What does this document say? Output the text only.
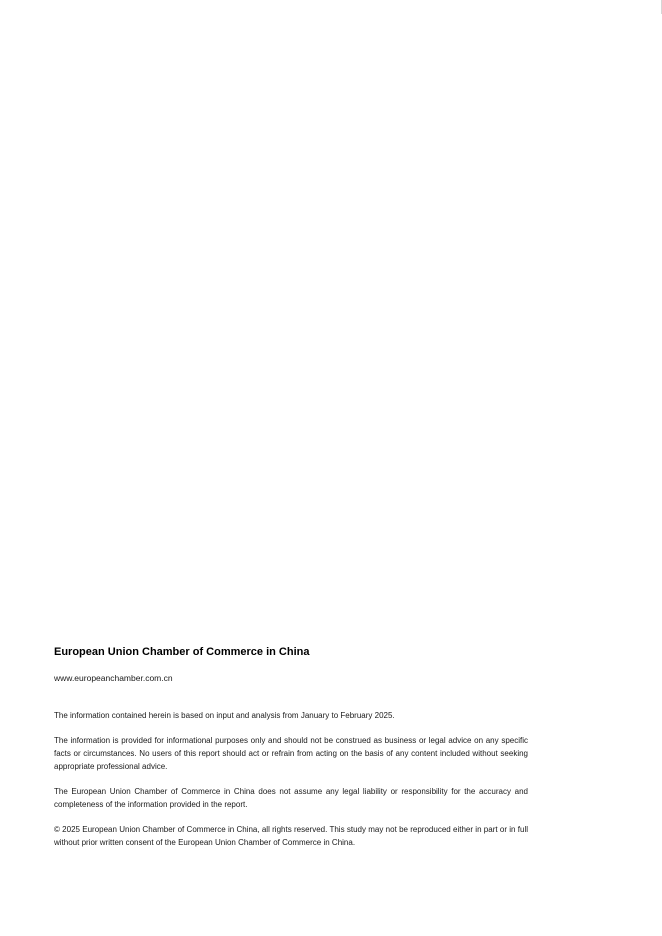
European Union Chamber of Commerce in China

www.europeanchamber.com.cn

The information contained herein is based on input and analysis from January to February 2025.

The information is provided for informational purposes only and should not be construed as business or legal advice on any specific facts or circumstances. No users of this report should act or refrain from acting on the basis of any content included without seeking appropriate professional advice.

The European Union Chamber of Commerce in China does not assume any legal liability or responsibility for the accuracy and completeness of the information provided in the report.

© 2025 European Union Chamber of Commerce in China, all rights reserved. This study may not be reproduced either in part or in full without prior written consent of the European Union Chamber of Commerce in China.
